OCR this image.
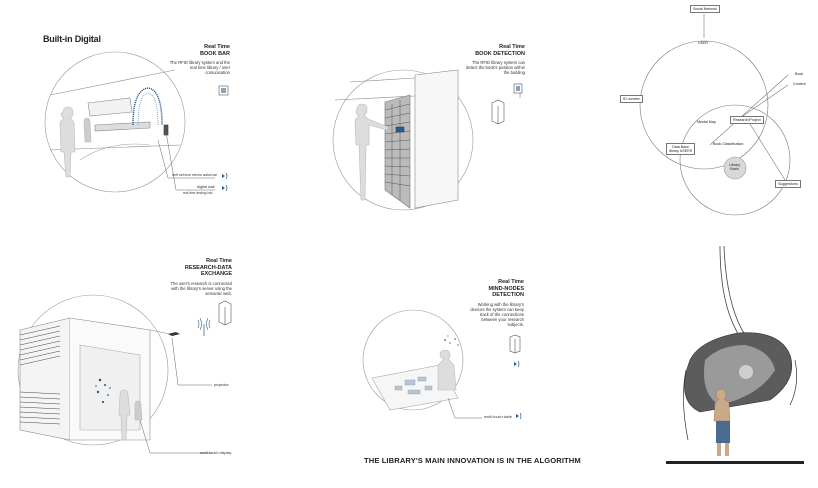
Built-in Digital
Real Time
BOOK BAR
The RFID library system and the real time library / user comunication
self service return automat
digital wall
real time lending info
Real Time
BOOK DETECTION
The RFID library system can detect the book's position within the building
Real Time
RESEARCH-DATA EXCHANGE
The user's research is connected with the library's server using the semantic web.
projector
multi-touch display
Real Time
MIND-NODES DETECTION
Working with the library's devices the system can keep track of the connections between your research subjects.
multi-touch table
Social Network
USER
Book
Content
ID number
Mental Map	Research/Project
Data Base
library USERS
Book Classification
Library
Brain
Suggestions
THE LIBRARY'S MAIN INNOVATION IS IN THE ALGORITHM
